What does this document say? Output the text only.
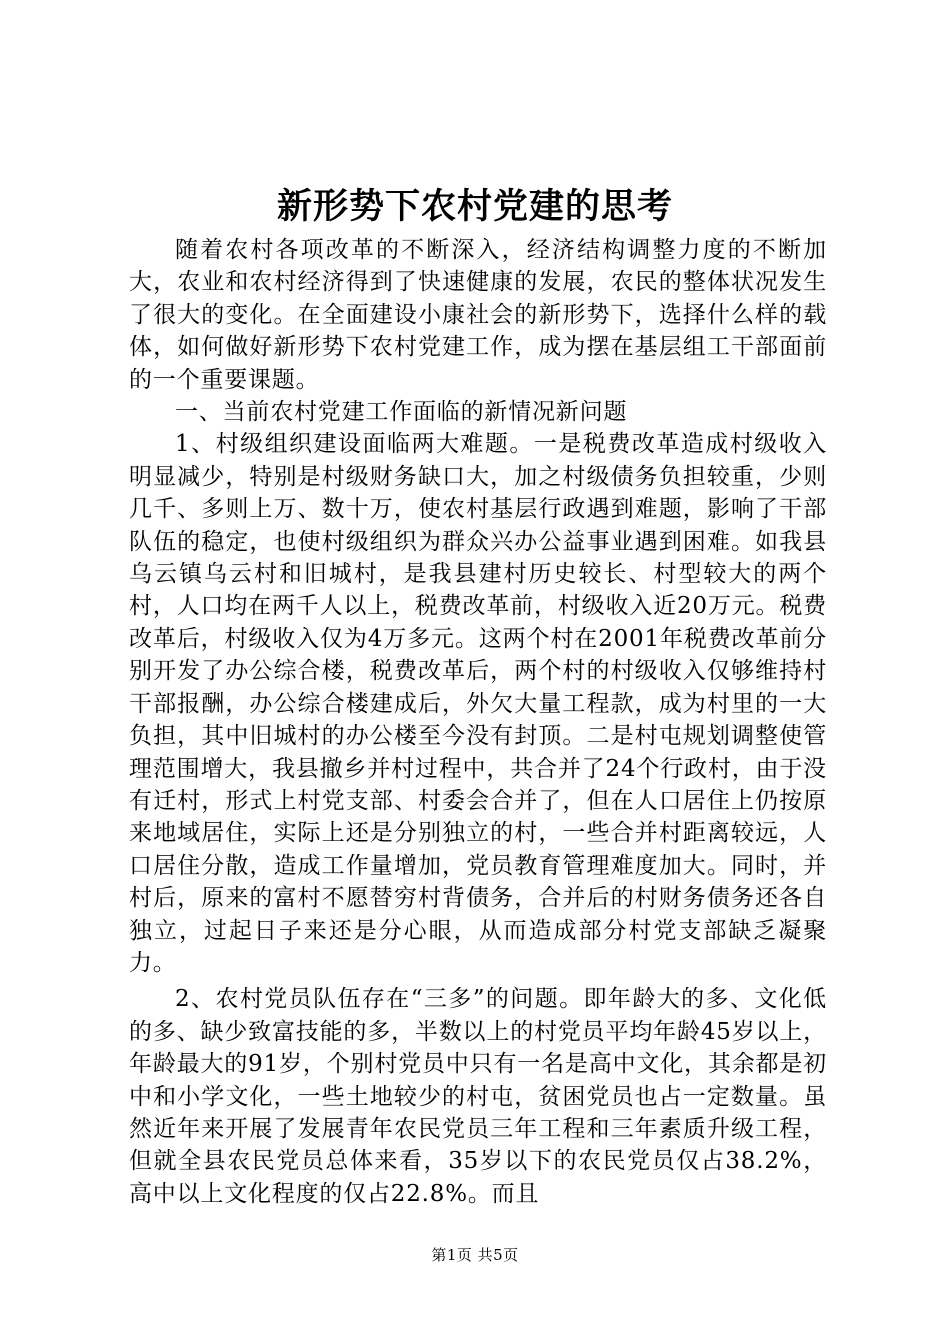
新形势下农村党建的思考

随着农村各项改革的不断深入，经济结构调整力度的不断加大，农业和农村经济得到了快速健康的发展，农民的整体状况发生了很大的变化。在全面建设小康社会的新形势下，选择什么样的载体，如何做好新形势下农村党建工作，成为摆在基层组工干部面前的一个重要课题。

一、当前农村党建工作面临的新情况新问题

1、村级组织建设面临两大难题。一是税费改革造成村级收入明显减少，特别是村级财务缺口大，加之村级债务负担较重，少则几千、多则上万、数十万，使农村基层行政遇到难题，影响了干部队伍的稳定，也使村级组织为群众兴办公益事业遇到困难。如我县乌云镇乌云村和旧城村，是我县建村历史较长、村型较大的两个村，人口均在两千人以上，税费改革前，村级收入近20万元。税费改革后，村级收入仅为4万多元。这两个村在2001年税费改革前分别开发了办公综合楼，税费改革后，两个村的村级收入仅够维持村干部报酬，办公综合楼建成后，外欠大量工程款，成为村里的一大负担，其中旧城村的办公楼至今没有封顶。二是村屯规划调整使管理范围增大，我县撤乡并村过程中，共合并了24个行政村，由于没有迁村，形式上村党支部、村委会合并了，但在人口居住上仍按原来地域居住，实际上还是分别独立的村，一些合并村距离较远，人口居住分散，造成工作量增加，党员教育管理难度加大。同时，并村后，原来的富村不愿替穷村背债务，合并后的村财务债务还各自独立，过起日子来还是分心眼，从而造成部分村党支部缺乏凝聚力。

2、农村党员队伍存在“三多”的问题。即年龄大的多、文化低的多、缺少致富技能的多，半数以上的村党员平均年龄45岁以上，年龄最大的91岁，个别村党员中只有一名是高中文化，其余都是初中和小学文化，一些土地较少的村屯，贫困党员也占一定数量。虽然近年来开展了发展青年农民党员三年工程和三年素质升级工程，但就全县农民党员总体来看，35岁以下的农民党员仅占38.2%，高中以上文化程度的仅占22.8%。而且

第1页 共5页
